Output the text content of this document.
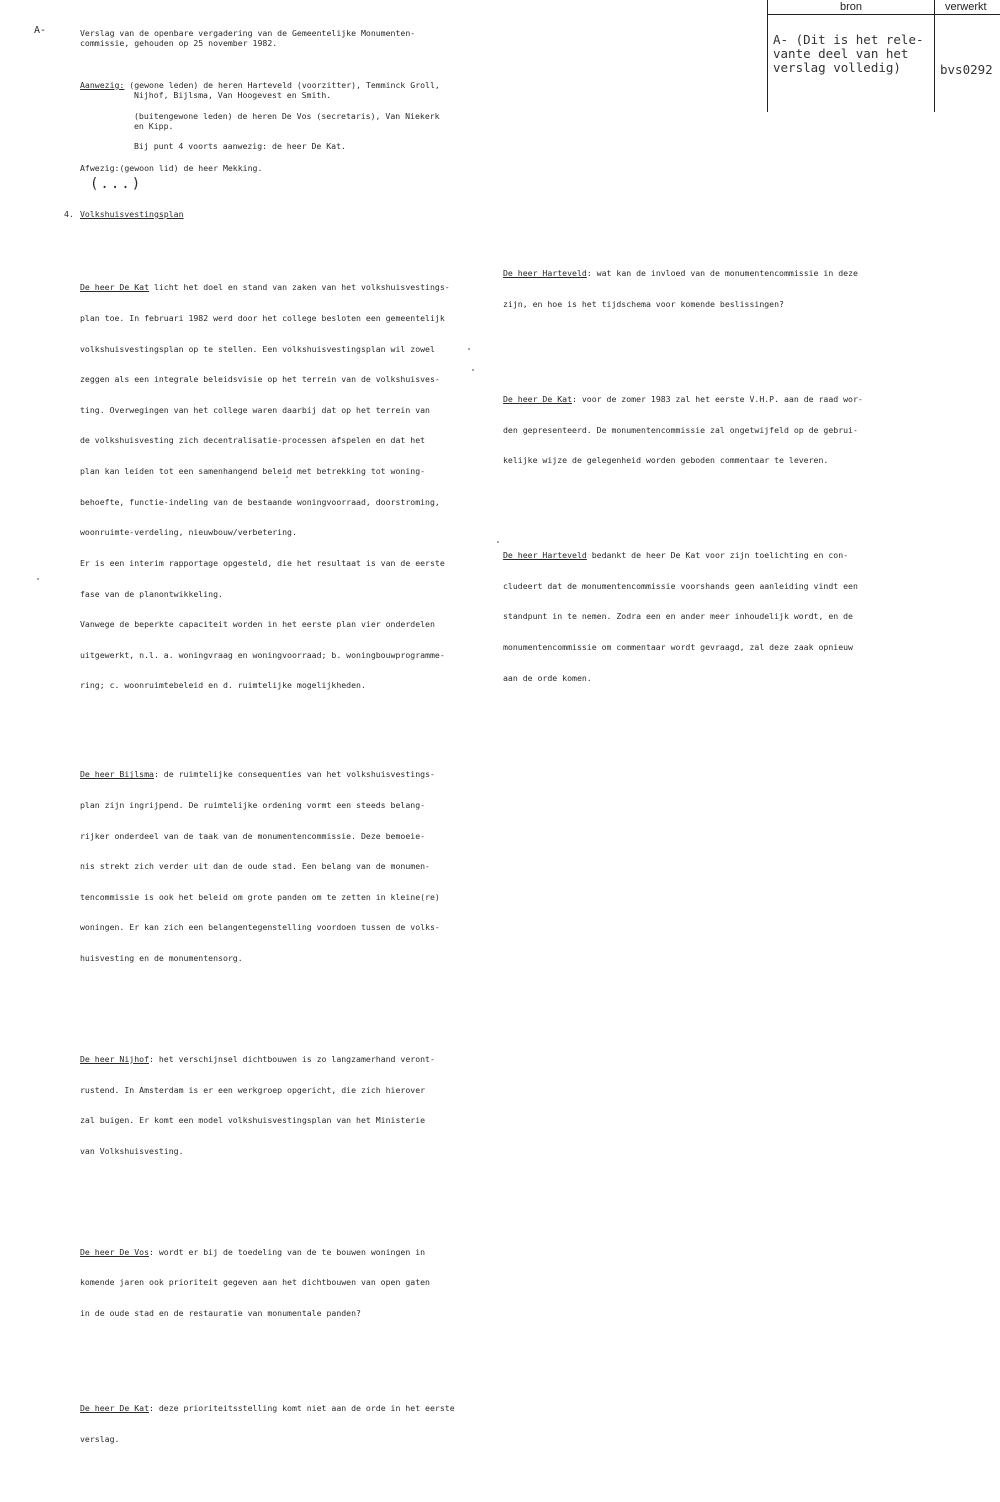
A-	Verslag van de openbare vergadering van de Gemeentelijke Monumenten-
commissie, gehouden op 25 november 1982.
Aanwezig: (gewone leden) de heren Harteveld (voorzitter), Temminck Groll,
Nijhof, Bijlsma, Van Hoogevest en Smith.
(buitengewone leden) de heren De Vos (secretaris), Van Niekerk
en Kipp.
Bij punt 4 voorts aanwezig: de heer De Kat.
Afwezig:(gewoon lid) de heer Mekking.
(...)
4. Volkshuisvestingsplan

De heer De Kat licht het doel en stand van zaken van het volkshuisvestings-

plan toe. In februari 1982 werd door het college besloten een gemeentelijk

volkshuisvestingsplan op te stellen. Een volkshuisvestingsplan wil zowel

zeggen als een integrale beleidsvisie op het terrein van de volkshuisves-

ting. Overwegingen van het college waren daarbij dat op het terrein van

de volkshuisvesting zich decentralisatie-processen afspelen en dat het

plan kan leiden tot een samenhangend beleid met betrekking tot woning-

behoefte, functie-indeling van de bestaande woningvoorraad, doorstroming,

woonruimte-verdeling, nieuwbouw/verbetering.

Er is een interim rapportage opgesteld, die het resultaat is van de eerste

fase van de planontwikkeling.

Vanwege de beperkte capaciteit worden in het eerste plan vier onderdelen

uitgewerkt, n.l. a. woningvraag en woningvoorraad; b. woningbouwprogramme-

ring; c. woonruimtebeleid en d. ruimtelijke mogelijkheden.

De heer Bijlsma: de ruimtelijke consequenties van het volkshuisvestings-

plan zijn ingrijpend. De ruimtelijke ordening vormt een steeds belang-

rijker onderdeel van de taak van de monumentencommissie. Deze bemoeie-

nis strekt zich verder uit dan de oude stad. Een belang van de monumen-

tencommissie is ook het beleid om grote panden om te zetten in kleine(re)

woningen. Er kan zich een belangentegenstelling voordoen tussen de volks-

huisvesting en de monumentensorg.

De heer Nijhof: het verschijnsel dichtbouwen is zo langzamerhand veront-

rustend. In Amsterdam is er een werkgroep opgericht, die zich hierover

zal buigen. Er komt een model volkshuisvestingsplan van het Ministerie

van Volkshuisvesting.

De heer De Vos: wordt er bij de toedeling van de te bouwen woningen in

komende jaren ook prioriteit gegeven aan het dichtbouwen van open gaten

in de oude stad en de restauratie van monumentale panden?

De heer De Kat: deze prioriteitsstelling komt niet aan de orde in het eerste

verslag.

De heer Harteveld: wat kan de invloed van de monumentencommissie in deze

zijn, en hoe is het tijdschema voor komende beslissingen?

De heer De Kat: voor de zomer 1983 zal het eerste V.H.P. aan de raad wor-

den gepresenteerd. De monumentencommissie zal ongetwijfeld op de gebrui-

kelijke wijze de gelegenheid worden geboden commentaar te leveren.

De heer Harteveld bedankt de heer De Kat voor zijn toelichting en con-

cludeert dat de monumentencommissie voorshands geen aanleiding vindt een

standpunt in te nemen. Zodra een en ander meer inhoudelijk wordt, en de

monumentencommissie om commentaar wordt gevraagd, zal deze zaak opnieuw

aan de orde komen.

bron	verwerkt
A- (Dit is het rele-
vante deel van het
verslag volledig)	bvs0292
